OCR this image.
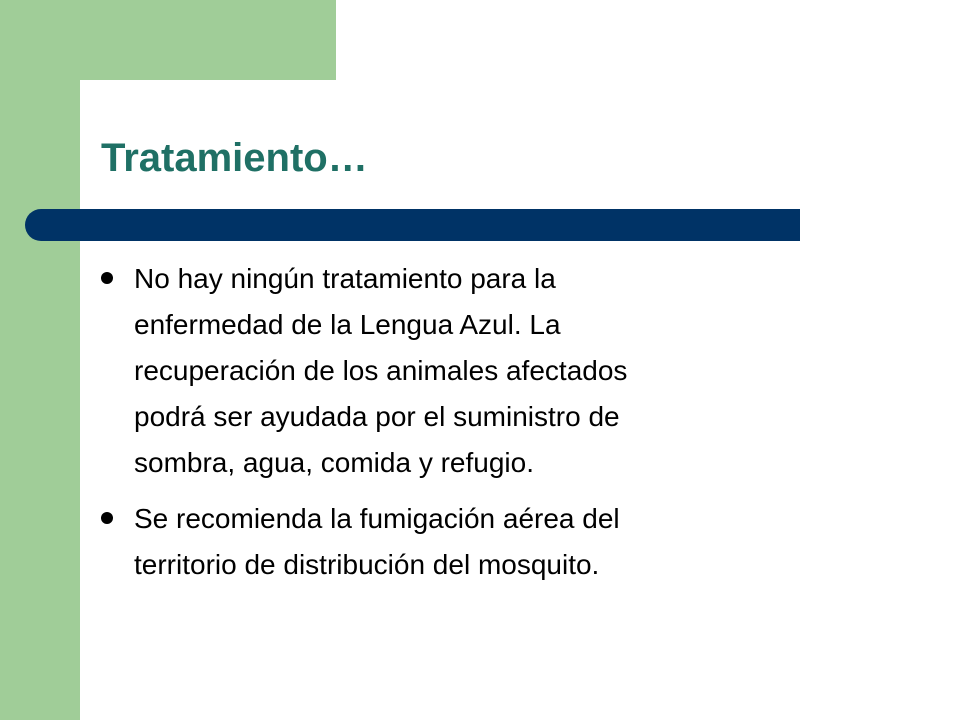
Tratamiento…
No hay ningún tratamiento para la
enfermedad de la Lengua Azul. La
recuperación de los animales afectados
podrá ser ayudada por el suministro de
sombra, agua, comida y refugio.
Se recomienda la fumigación aérea del
territorio de distribución del mosquito.
